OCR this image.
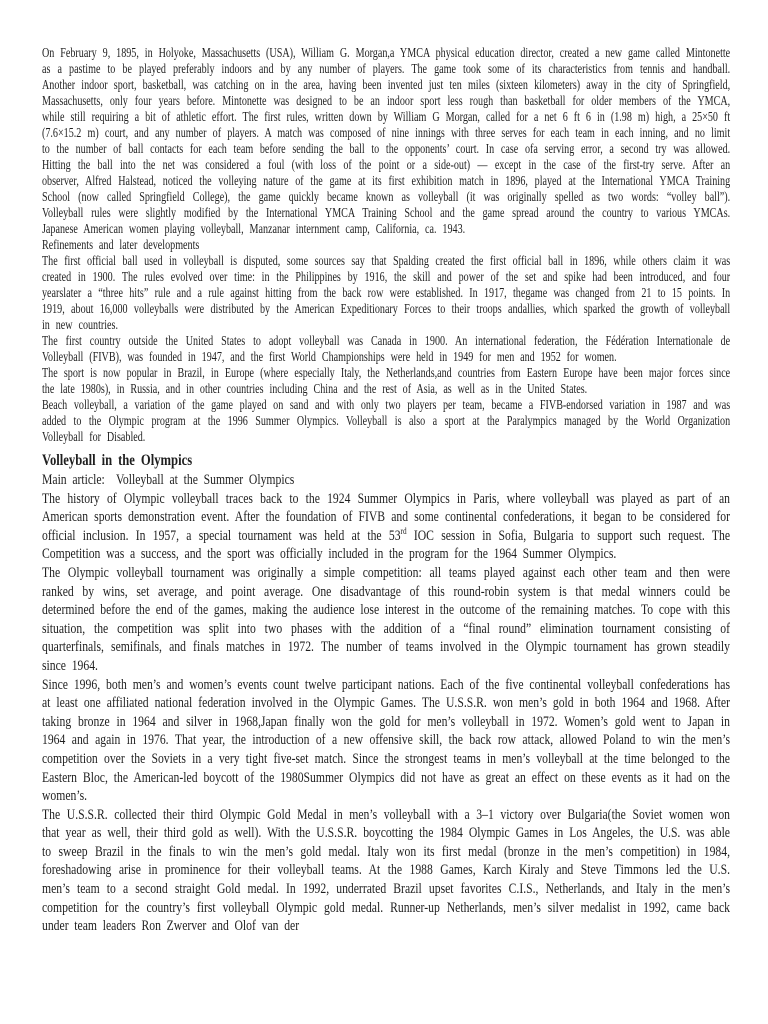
On February 9, 1895, in Holyoke, Massachusetts (USA), William G. Morgan,a YMCA physical education director, created a new game called Mintonette as a pastime to be played preferably indoors and by any number of players. The game took some of its characteristics from tennis and handball. Another indoor sport, basketball, was catching on in the area, having been invented just ten miles (sixteen kilometers) away in the city of Springfield, Massachusetts, only four years before. Mintonette was designed to be an indoor sport less rough than basketball for older members of the YMCA, while still requiring a bit of athletic effort. The first rules, written down by William G Morgan, called for a net 6 ft 6 in (1.98 m) high, a 25×50 ft (7.6×15.2 m) court, and any number of players. A match was composed of nine innings with three serves for each team in each inning, and no limit to the number of ball contacts for each team before sending the ball to the opponents’ court. In case ofa serving error, a second try was allowed. Hitting the ball into the net was considered a foul (with loss of the point or a side-out) — except in the case of the first-try serve. After an observer, Alfred Halstead, noticed the volleying nature of the game at its first exhibition match in 1896, played at the International YMCA Training School (now called Springfield College), the game quickly became known as volleyball (it was originally spelled as two words: “volley ball”). Volleyball rules were slightly modified by the International YMCA Training School and the game spread around the country to various YMCAs. Japanese American women playing volleyball, Manzanar internment camp, California, ca. 1943.

Refinements and later developments

The first official ball used in volleyball is disputed, some sources say that Spalding created the first official ball in 1896, while others claim it was created in 1900. The rules evolved over time: in the Philippines by 1916, the skill and power of the set and spike had been introduced, and four yearslater a “three hits” rule and a rule against hitting from the back row were established. In 1917, thegame was changed from 21 to 15 points. In 1919, about 16,000 volleyballs were distributed by the American Expeditionary Forces to their troops andallies, which sparked the growth of volleyball in new countries.

The first country outside the United States to adopt volleyball was Canada in 1900. An international federation, the Fédération Internationale de Volleyball (FIVB), was founded in 1947, and the first World Championships were held in 1949 for men and 1952 for women.

The sport is now popular in Brazil, in Europe (where especially Italy, the Netherlands,and countries from Eastern Europe have been major forces since the late 1980s), in Russia, and in other countries including China and the rest of Asia, as well as in the United States.

Beach volleyball, a variation of the game played on sand and with only two players per team, became a FIVB-endorsed variation in 1987 and was added to the Olympic program at the 1996 Summer Olympics. Volleyball is also a sport at the Paralympics managed by the World Organization Volleyball for Disabled.

Volleyball in the Olympics

Main article:  Volleyball at the Summer Olympics

The history of Olympic volleyball traces back to the 1924 Summer Olympics in Paris, where volleyball was played as part of an American sports demonstration event. After the foundation of FIVB and some continental confederations, it began to be considered for official inclusion. In 1957, a special tournament was held at the 53rd IOC session in Sofia, Bulgaria to support such request. The Competition was a success, and the sport was officially included in the program for the 1964 Summer Olympics.

The Olympic volleyball tournament was originally a simple competition: all teams played against each other team and then were ranked by wins, set average, and point average. One disadvantage of this round-robin system is that medal winners could be determined before the end of the games, making the audience lose interest in the outcome of the remaining matches. To cope with this situation, the competition was split into two phases with the addition of a “final round” elimination tournament consisting of quarterfinals, semifinals, and finals matches in 1972. The number of teams involved in the Olympic tournament has grown steadily since 1964.

Since 1996, both men’s and women’s events count twelve participant nations. Each of the five continental volleyball confederations has at least one affiliated national federation involved in the Olympic Games. The U.S.S.R. won men’s gold in both 1964 and 1968. After taking bronze in 1964 and silver in 1968,Japan finally won the gold for men’s volleyball in 1972. Women’s gold went to Japan in 1964 and again in 1976. That year, the introduction of a new offensive skill, the back row attack, allowed Poland to win the men’s competition over the Soviets in a very tight five-set match. Since the strongest teams in men’s volleyball at the time belonged to the Eastern Bloc, the American-led boycott of the 1980Summer Olympics did not have as great an effect on these events as it had on the women’s.

The U.S.S.R. collected their third Olympic Gold Medal in men’s volleyball with a 3–1 victory over Bulgaria(the Soviet women won that year as well, their third gold as well). With the U.S.S.R. boycotting the 1984 Olympic Games in Los Angeles, the U.S. was able to sweep Brazil in the finals to win the men’s gold medal. Italy won its first medal (bronze in the men’s competition) in 1984, foreshadowing arise in prominence for their volleyball teams. At the 1988 Games, Karch Kiraly and Steve Timmons led the U.S. men’s team to a second straight Gold medal. In 1992, underrated Brazil upset favorites C.I.S., Netherlands, and Italy in the men’s competition for the country’s first volleyball Olympic gold medal. Runner-up Netherlands, men’s silver medalist in 1992, came back under team leaders Ron Zwerver and Olof van der
